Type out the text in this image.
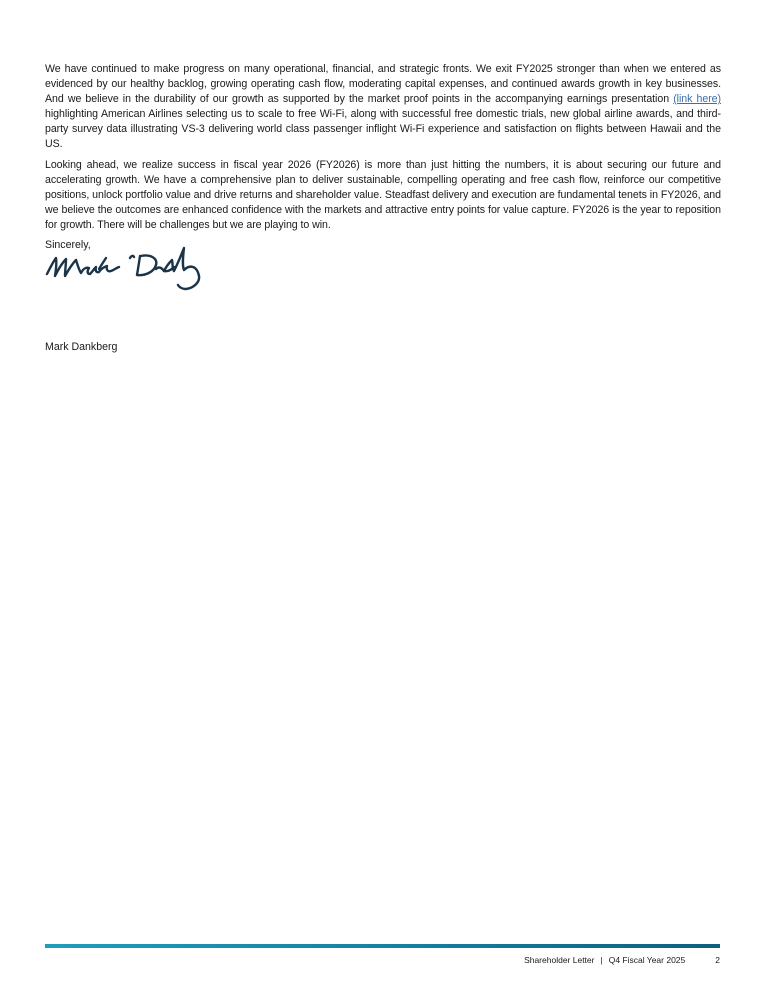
We have continued to make progress on many operational, financial, and strategic fronts. We exit FY2025 stronger than when we entered as evidenced by our healthy backlog, growing operating cash flow, moderating capital expenses, and continued awards growth in key businesses. And we believe in the durability of our growth as supported by the market proof points in the accompanying earnings presentation (link here) highlighting American Airlines selecting us to scale to free Wi-Fi, along with successful free domestic trials, new global airline awards, and third-party survey data illustrating VS-3 delivering world class passenger inflight Wi-Fi experience and satisfaction on flights between Hawaii and the US.

Looking ahead, we realize success in fiscal year 2026 (FY2026) is more than just hitting the numbers, it is about securing our future and accelerating growth. We have a comprehensive plan to deliver sustainable, compelling operating and free cash flow, reinforce our competitive positions, unlock portfolio value and drive returns and shareholder value. Steadfast delivery and execution are fundamental tenets in FY2026, and we believe the outcomes are enhanced confidence with the markets and attractive entry points for value capture. FY2026 is the year to reposition for growth. There will be challenges but we are playing to win.

Sincerely,
Mark Dankberg
Shareholder Letter | Q4 Fiscal Year 2025	2
